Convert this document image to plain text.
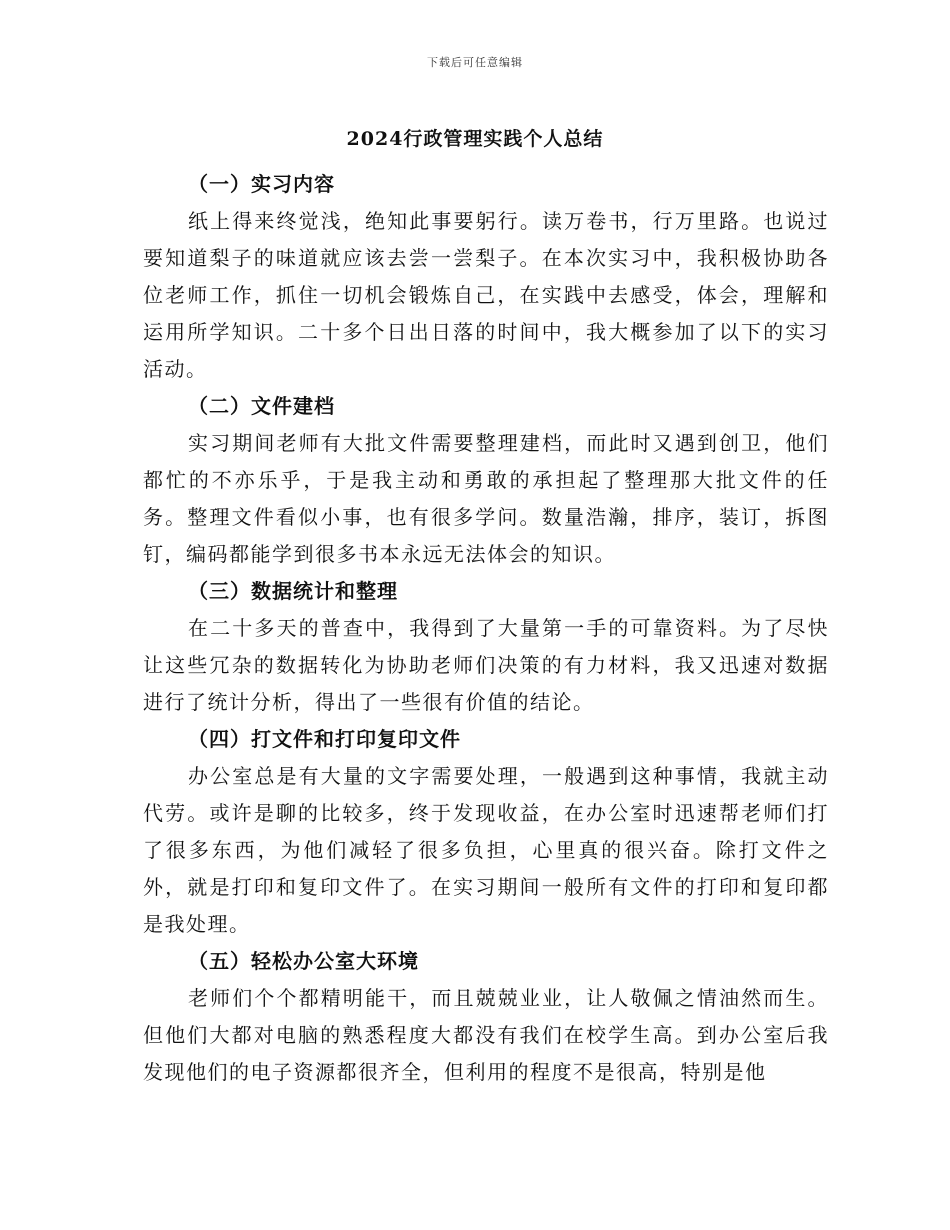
下载后可任意编辑
2024行政管理实践个人总结

（一）实习内容

纸上得来终觉浅，绝知此事要躬行。读万卷书，行万里路。也说过要知道梨子的味道就应该去尝一尝梨子。在本次实习中，我积极协助各位老师工作，抓住一切机会锻炼自己，在实践中去感受，体会，理解和运用所学知识。二十多个日出日落的时间中，我大概参加了以下的实习活动。

（二）文件建档

实习期间老师有大批文件需要整理建档，而此时又遇到创卫，他们都忙的不亦乐乎，于是我主动和勇敢的承担起了整理那大批文件的任务。整理文件看似小事，也有很多学问。数量浩瀚，排序，装订，拆图钉，编码都能学到很多书本永远无法体会的知识。

（三）数据统计和整理

在二十多天的普查中，我得到了大量第一手的可靠资料。为了尽快让这些冗杂的数据转化为协助老师们决策的有力材料，我又迅速对数据进行了统计分析，得出了一些很有价值的结论。

（四）打文件和打印复印文件

办公室总是有大量的文字需要处理，一般遇到这种事情，我就主动代劳。或许是聊的比较多，终于发现收益，在办公室时迅速帮老师们打了很多东西，为他们减轻了很多负担，心里真的很兴奋。除打文件之外，就是打印和复印文件了。在实习期间一般所有文件的打印和复印都是我处理。

（五）轻松办公室大环境

老师们个个都精明能干，而且兢兢业业，让人敬佩之情油然而生。但他们大都对电脑的熟悉程度大都没有我们在校学生高。到办公室后我发现他们的电子资源都很齐全，但利用的程度不是很高，特别是他
